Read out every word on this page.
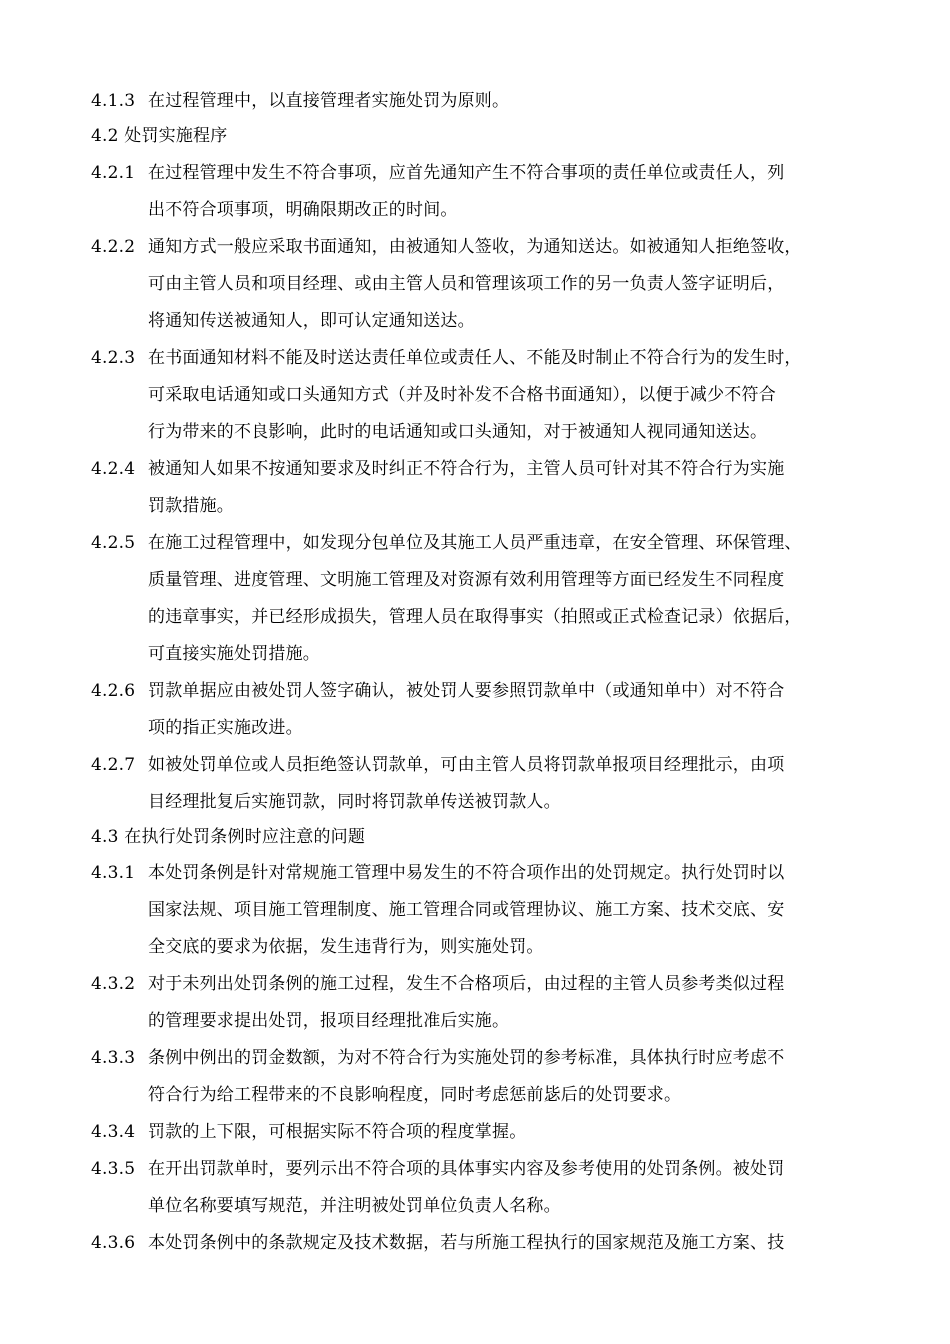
4.1.3 在过程管理中，以直接管理者实施处罚为原则。
4.2 处罚实施程序
4.2.1 在过程管理中发生不符合事项，应首先通知产生不符合事项的责任单位或责任人，列
出不符合项事项，明确限期改正的时间。
4.2.2 通知方式一般应采取书面通知，由被通知人签收，为通知送达。如被通知人拒绝签收，
可由主管人员和项目经理、或由主管人员和管理该项工作的另一负责人签字证明后，
将通知传送被通知人，即可认定通知送达。
4.2.3 在书面通知材料不能及时送达责任单位或责任人、不能及时制止不符合行为的发生时，
可采取电话通知或口头通知方式（并及时补发不合格书面通知），以便于减少不符合
行为带来的不良影响，此时的电话通知或口头通知，对于被通知人视同通知送达。
4.2.4 被通知人如果不按通知要求及时纠正不符合行为，主管人员可针对其不符合行为实施
罚款措施。
4.2.5 在施工过程管理中，如发现分包单位及其施工人员严重违章，在安全管理、环保管理、
质量管理、进度管理、文明施工管理及对资源有效利用管理等方面已经发生不同程度
的违章事实，并已经形成损失，管理人员在取得事实（拍照或正式检查记录）依据后，
可直接实施处罚措施。
4.2.6 罚款单据应由被处罚人签字确认，被处罚人要参照罚款单中（或通知单中）对不符合
项的指正实施改进。
4.2.7 如被处罚单位或人员拒绝签认罚款单，可由主管人员将罚款单报项目经理批示，由项
目经理批复后实施罚款，同时将罚款单传送被罚款人。
4.3 在执行处罚条例时应注意的问题
4.3.1 本处罚条例是针对常规施工管理中易发生的不符合项作出的处罚规定。执行处罚时以
国家法规、项目施工管理制度、施工管理合同或管理协议、施工方案、技术交底、安
全交底的要求为依据，发生违背行为，则实施处罚。
4.3.2 对于未列出处罚条例的施工过程，发生不合格项后，由过程的主管人员参考类似过程
的管理要求提出处罚，报项目经理批准后实施。
4.3.3 条例中例出的罚金数额，为对不符合行为实施处罚的参考标准，具体执行时应考虑不
符合行为给工程带来的不良影响程度，同时考虑惩前毖后的处罚要求。
4.3.4 罚款的上下限，可根据实际不符合项的程度掌握。
4.3.5 在开出罚款单时，要列示出不符合项的具体事实内容及参考使用的处罚条例。被处罚
单位名称要填写规范，并注明被处罚单位负责人名称。
4.3.6 本处罚条例中的条款规定及技术数据，若与所施工程执行的国家规范及施工方案、技
